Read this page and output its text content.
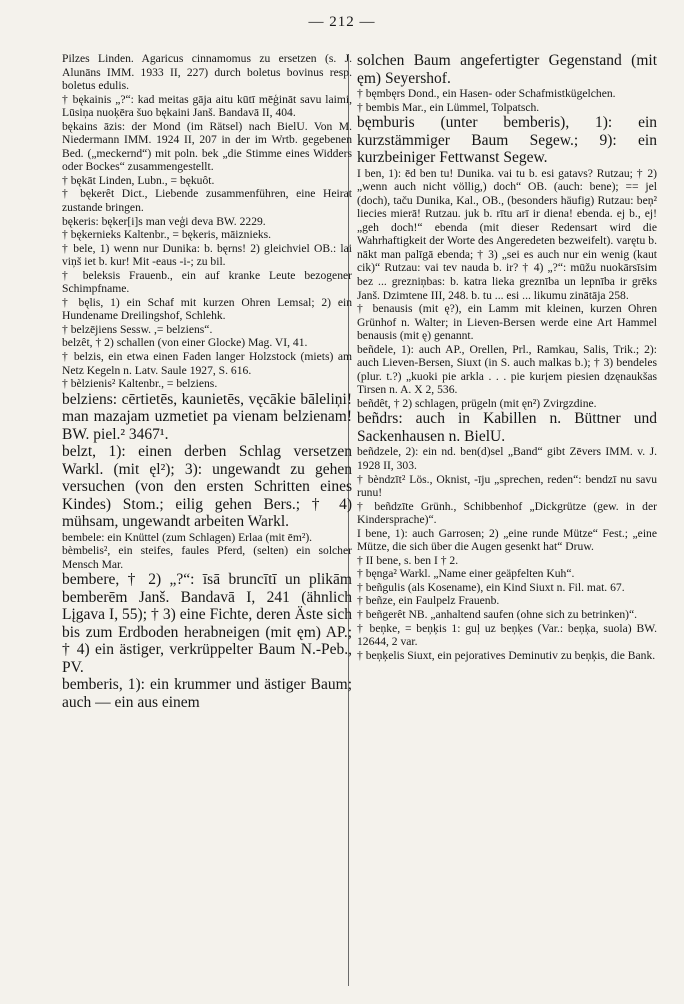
— 212 —
Pilzes Linden. Agaricus cinnamomus zu ersetzen (s. J. Alunāns IMM. 1933 II, 227) durch boletus bovinus resp. boletus edulis.
† bękainis „?“: kad meitas gāja aitu kūtī mēģināt savu laimi, Lūsiņa nuoķēra šuo bękaini Janš. Bandavā II, 404.
bękains āzis: der Mond (im Rätsel) nach BielU. Von M. Niedermann IMM. 1924 II, 207 in der im Wrtb. gegebenen Bed. („meckernd“) mit poln. bek „die Stimme eines Widders oder Bockes“ zusammengestellt.
† bękāt Linden, Lubn., = bękuôt.
† bękerêt Dict., Liebende zusammenführen, eine Heirat zustande bringen.
bękeris: bęker[i]s man veģi deva BW. 2229.
† bękernieks Kaltenbr., = bękeris, māiznieks.
† bele, 1) wenn nur Dunika: b. bęrns! 2) gleichviel OB.: lai viņš iet b. kur! Mit -eaus -i-; zu bil.
† beleksis Frauenb., ein auf kranke Leute bezogener Schimpfname.
† bęlis, 1) ein Schaf mit kurzen Ohren Lemsal; 2) ein Hundename Dreilingshof, Schlehk.
† belzējiens Sessw. ,= belziens“.
belzêt, † 2) schallen (von einer Glocke) Mag. VI, 41.
† belzis, ein etwa einen Faden langer Holzstock (miets) am Netz Kegeln n. Latv. Saule 1927, S. 616.
† bèlzienis² Kaltenbr., = belziens.
belziens: cērtietēs, kaunietēs, vęcākie bāleliņi! man mazajam uzmetiet pa vienam belzienam! BW. piel.² 3467¹.
belzt, 1): einen derben Schlag versetzen Warkl. (mit ęl²); 3): ungewandt zu gehen versuchen (von den ersten Schritten eines Kindes) Stom.; eilig gehen Bers.; † 4) mühsam, ungewandt arbeiten Warkl.
bembele: ein Knüttel (zum Schlagen) Erlaa (mit ēm²).
bèmbelis², ein steifes, faules Pferd, (selten) ein solcher Mensch Mar.
bembere, † 2) „?“: īsā bruncītī un plikām bemberēm Janš. Bandavā I, 241 (ähnlich Lįgava I, 55); † 3) eine Fichte, deren Äste sich bis zum Erdboden herabneigen (mit ęm) AP.; † 4) ein ästiger, verkrüppelter Baum N.-Peb., PV.
bemberis, 1): ein krummer und ästiger Baum; auch — ein aus einem
solchen Baum angefertigter Gegenstand (mit ęm) Seyershof.
† bęmbęrs Dond., ein Hasen- oder Schafmistkügelchen.
† bembis Mar., ein Lümmel, Tolpatsch.
bęmburis (unter bemberis), 1): ein kurzstämmiger Baum Segew.; 9): ein kurzbeiniger Fettwanst Segew.
I ben, 1): ēd ben tu! Dunika. vai tu b. esi gatavs? Rutzau; † 2) „wenn auch nicht völlig,) doch“ OB. (auch: bene); == jel (doch), taču Dunika, Kal., OB., (besonders häufig) Rutzau: beņ² liecies mierā! Rutzau. juk b. rītu arī ir diena! ebenda. ej b., ej! „geh doch!“ ebenda (mit dieser Redensart wird die Wahrhaftigkeit der Worte des Angeredeten bezweifelt). varętu b. nākt man palīgā ebenda; † 3) „sei es auch nur ein wenig (kaut cik)“ Rutzau: vai tev nauda b. ir? † 4) „?“: mūžu nuokārsīsim bez ... grezniņbas: b. katra lieka greznība un lepnība ir grēks Janš. Dzimtene III, 248. b. tu ... esi ... likumu zinātāja 258.
† benausis (mit ę?), ein Lamm mit kleinen, kurzen Ohren Grünhof n. Walter; in Lieven-Bersen werde eine Art Hammel benausis (mit ę) genannt.
beñdele, 1): auch AP., Orellen, Prl., Ramkau, Salis, Trik.; 2): auch Lieven-Bersen, Siuxt (in S. auch malkas b.); † 3) bendeles (plur. t.?) „kuoki pie arkla . . . pie kurįem piesien dzęnaukšas Tirsen n. A. X 2, 536.
beñdêt, † 2) schlagen, prügeln (mit ęn²) Zvirgzdine.
beñdrs: auch in Kabillen n. Büttner und Sackenhausen n. BielU.
beñdzele, 2): ein nd. ben(d)sel „Band“ gibt Zēvers IMM. v. J. 1928 II, 303.
† bèndzīt² Lös., Oknist, -īju „sprechen, reden“: bendzī nu savu runu!
† beñdzīte Grünh., Schibbenhof „Dickgrütze (gew. in der Kindersprache)“.
I bene, 1): auch Garrosen; 2) „eine runde Mütze“ Fest.; „eine Mütze, die sich über die Augen gesenkt hat“ Druw.
† II bene, s. ben I † 2.
† bęnga² Warkl. „Name einer geäpfelten Kuh“.
† beñgulis (als Kosename), ein Kind Siuxt n. Fil. mat. 67.
† beñze, ein Faulpelz Frauenb.
† beñgerêt NB. „anhaltend saufen (ohne sich zu betrinken)“.
† beņke, = beņķis 1: guļ uz beņķes (Var.: beņķa, suola) BW. 12644, 2 var.
† beņķelis Siuxt, ein pejoratives Deminutiv zu beņķis, die Bank.
